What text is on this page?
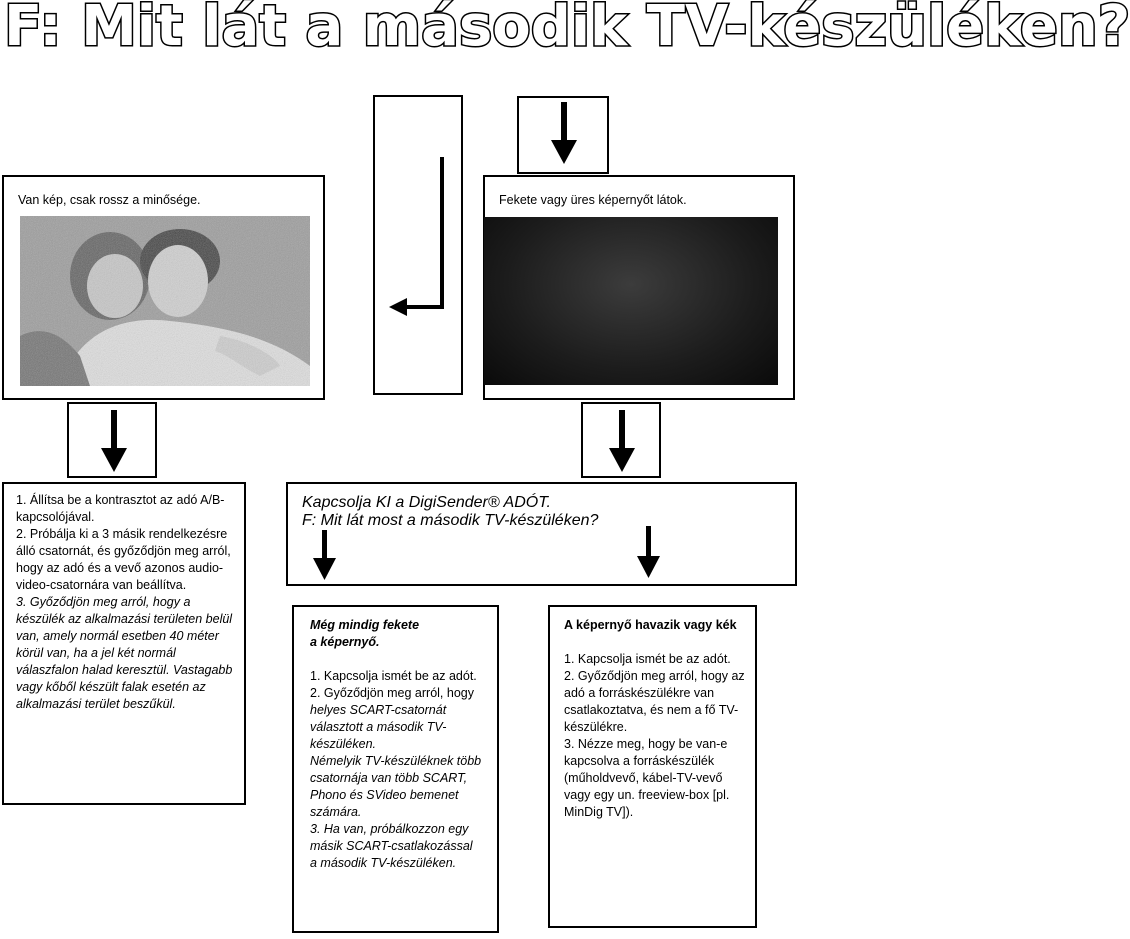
F: Mit lát a második TV-készüléken?
Van kép, csak rossz a minősége.	Fekete vagy üres képernyőt látok.
1. Állítsa be a kontrasztot az adó A/B-
kapcsolójával.
2. Próbálja ki a 3 másik rendelkezésre
álló csatornát, és győződjön meg arról,
hogy az adó és a vevő azonos audio-
video-csatornára van beállítva.
3. Győződjön meg arról, hogy a
készülék az alkalmazási területen belül
van, amely normál esetben 40 méter
körül van, ha a jel két normál
válaszfalon halad keresztül. Vastagabb
vagy kőből készült falak esetén az
alkalmazási terület beszűkül.
Kapcsolja KI a DigiSender® ADÓT.
F: Mit lát most a második TV-készüléken?
Még mindig fekete
a képernyő.
1. Kapcsolja ismét be az adót.
2. Győződjön meg arról, hogy
helyes SCART-csatornát
választott a második TV-
készüléken.
Némelyik TV-készüléknek több
csatornája van több SCART,
Phono és SVideo bemenet
számára.
3. Ha van, próbálkozzon egy
másik SCART-csatlakozással
a második TV-készüléken.
A képernyő havazik vagy kék
1. Kapcsolja ismét be az adót.
2. Győződjön meg arról, hogy az
adó a forráskészülékre van
csatlakoztatva, és nem a fő TV-
készülékre.
3. Nézze meg, hogy be van-e
kapcsolva a forráskészülék
(műholdvevő, kábel-TV-vevő
vagy egy un. freeview-box [pl.
MinDig TV]).
